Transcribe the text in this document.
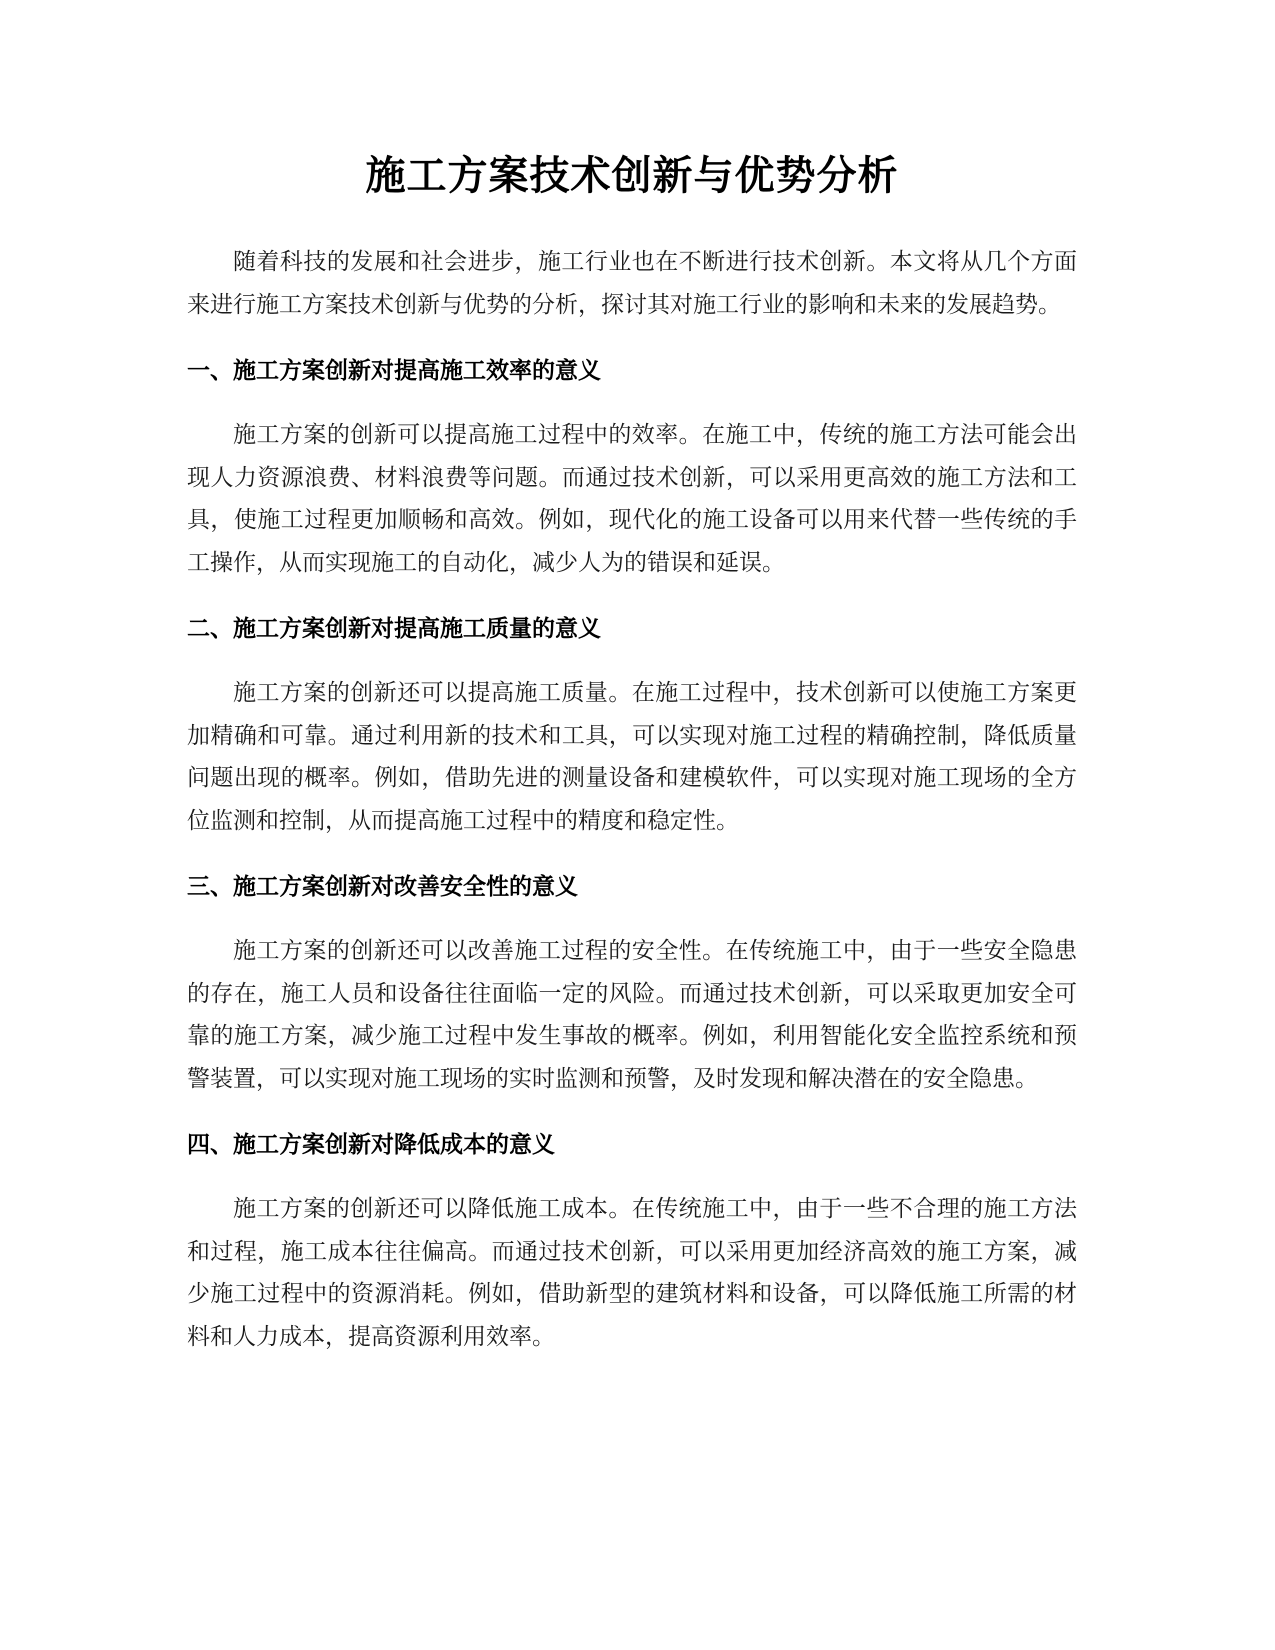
施工方案技术创新与优势分析

随着科技的发展和社会进步，施工行业也在不断进行技术创新。本文将从几个方面来进行施工方案技术创新与优势的分析，探讨其对施工行业的影响和未来的发展趋势。

一、施工方案创新对提高施工效率的意义

施工方案的创新可以提高施工过程中的效率。在施工中，传统的施工方法可能会出现人力资源浪费、材料浪费等问题。而通过技术创新，可以采用更高效的施工方法和工具，使施工过程更加顺畅和高效。例如，现代化的施工设备可以用来代替一些传统的手工操作，从而实现施工的自动化，减少人为的错误和延误。

二、施工方案创新对提高施工质量的意义

施工方案的创新还可以提高施工质量。在施工过程中，技术创新可以使施工方案更加精确和可靠。通过利用新的技术和工具，可以实现对施工过程的精确控制，降低质量问题出现的概率。例如，借助先进的测量设备和建模软件，可以实现对施工现场的全方位监测和控制，从而提高施工过程中的精度和稳定性。

三、施工方案创新对改善安全性的意义

施工方案的创新还可以改善施工过程的安全性。在传统施工中，由于一些安全隐患的存在，施工人员和设备往往面临一定的风险。而通过技术创新，可以采取更加安全可靠的施工方案，减少施工过程中发生事故的概率。例如，利用智能化安全监控系统和预警装置，可以实现对施工现场的实时监测和预警，及时发现和解决潜在的安全隐患。

四、施工方案创新对降低成本的意义

施工方案的创新还可以降低施工成本。在传统施工中，由于一些不合理的施工方法和过程，施工成本往往偏高。而通过技术创新，可以采用更加经济高效的施工方案，减少施工过程中的资源消耗。例如，借助新型的建筑材料和设备，可以降低施工所需的材料和人力成本，提高资源利用效率。
